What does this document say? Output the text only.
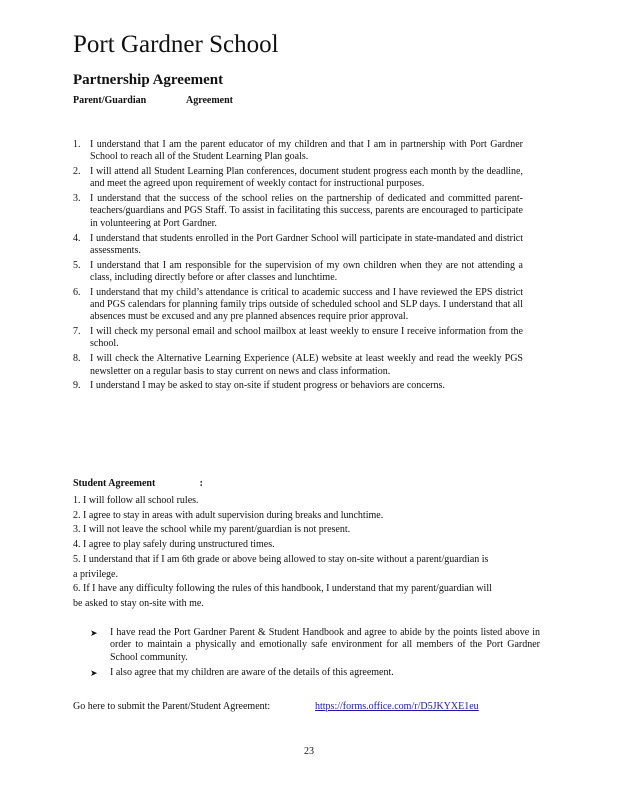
Port Gardner School
Partnership Agreement
Parent/Guardian	Agreement
1. I understand that I am the parent educator of my children and that I am in partnership with Port Gardner School to reach all of the Student Learning Plan goals.
2. I will attend all Student Learning Plan conferences, document student progress each month by the deadline, and meet the agreed upon requirement of weekly contact for instructional purposes.
3. I understand that the success of the school relies on the partnership of dedicated and committed parent-teachers/guardians and PGS Staff. To assist in facilitating this success, parents are encouraged to participate in volunteering at Port Gardner.
4. I understand that students enrolled in the Port Gardner School will participate in state-mandated and district assessments.
5. I understand that I am responsible for the supervision of my own children when they are not attending a class, including directly before or after classes and lunchtime.
6. I understand that my child’s attendance is critical to academic success and I have reviewed the EPS district and PGS calendars for planning family trips outside of scheduled school and SLP days. I understand that all absences must be excused and any pre planned absences require prior approval.
7. I will check my personal email and school mailbox at least weekly to ensure I receive information from the school.
8. I will check the Alternative Learning Experience (ALE) website at least weekly and read the weekly PGS newsletter on a regular basis to stay current on news and class information.
9. I understand I may be asked to stay on-site if student progress or behaviors are concerns.
Student Agreement	:
1. I will follow all school rules.
2. I agree to stay in areas with adult supervision during breaks and lunchtime.
3. I will not leave the school while my parent/guardian is not present.
4. I agree to play safely during unstructured times.
5. I understand that if I am 6th grade or above being allowed to stay on-site without a parent/guardian is a privilege.
6. If I have any difficulty following the rules of this handbook, I understand that my parent/guardian will be asked to stay on-site with me.
➤ I have read the Port Gardner Parent & Student Handbook and agree to abide by the points listed above in order to maintain a physically and emotionally safe environment for all members of the Port Gardner School community.
➤ I also agree that my children are aware of the details of this agreement.
Go here to submit the Parent/Student Agreement:	https://forms.office.com/r/D5JKYXE1eu
23
